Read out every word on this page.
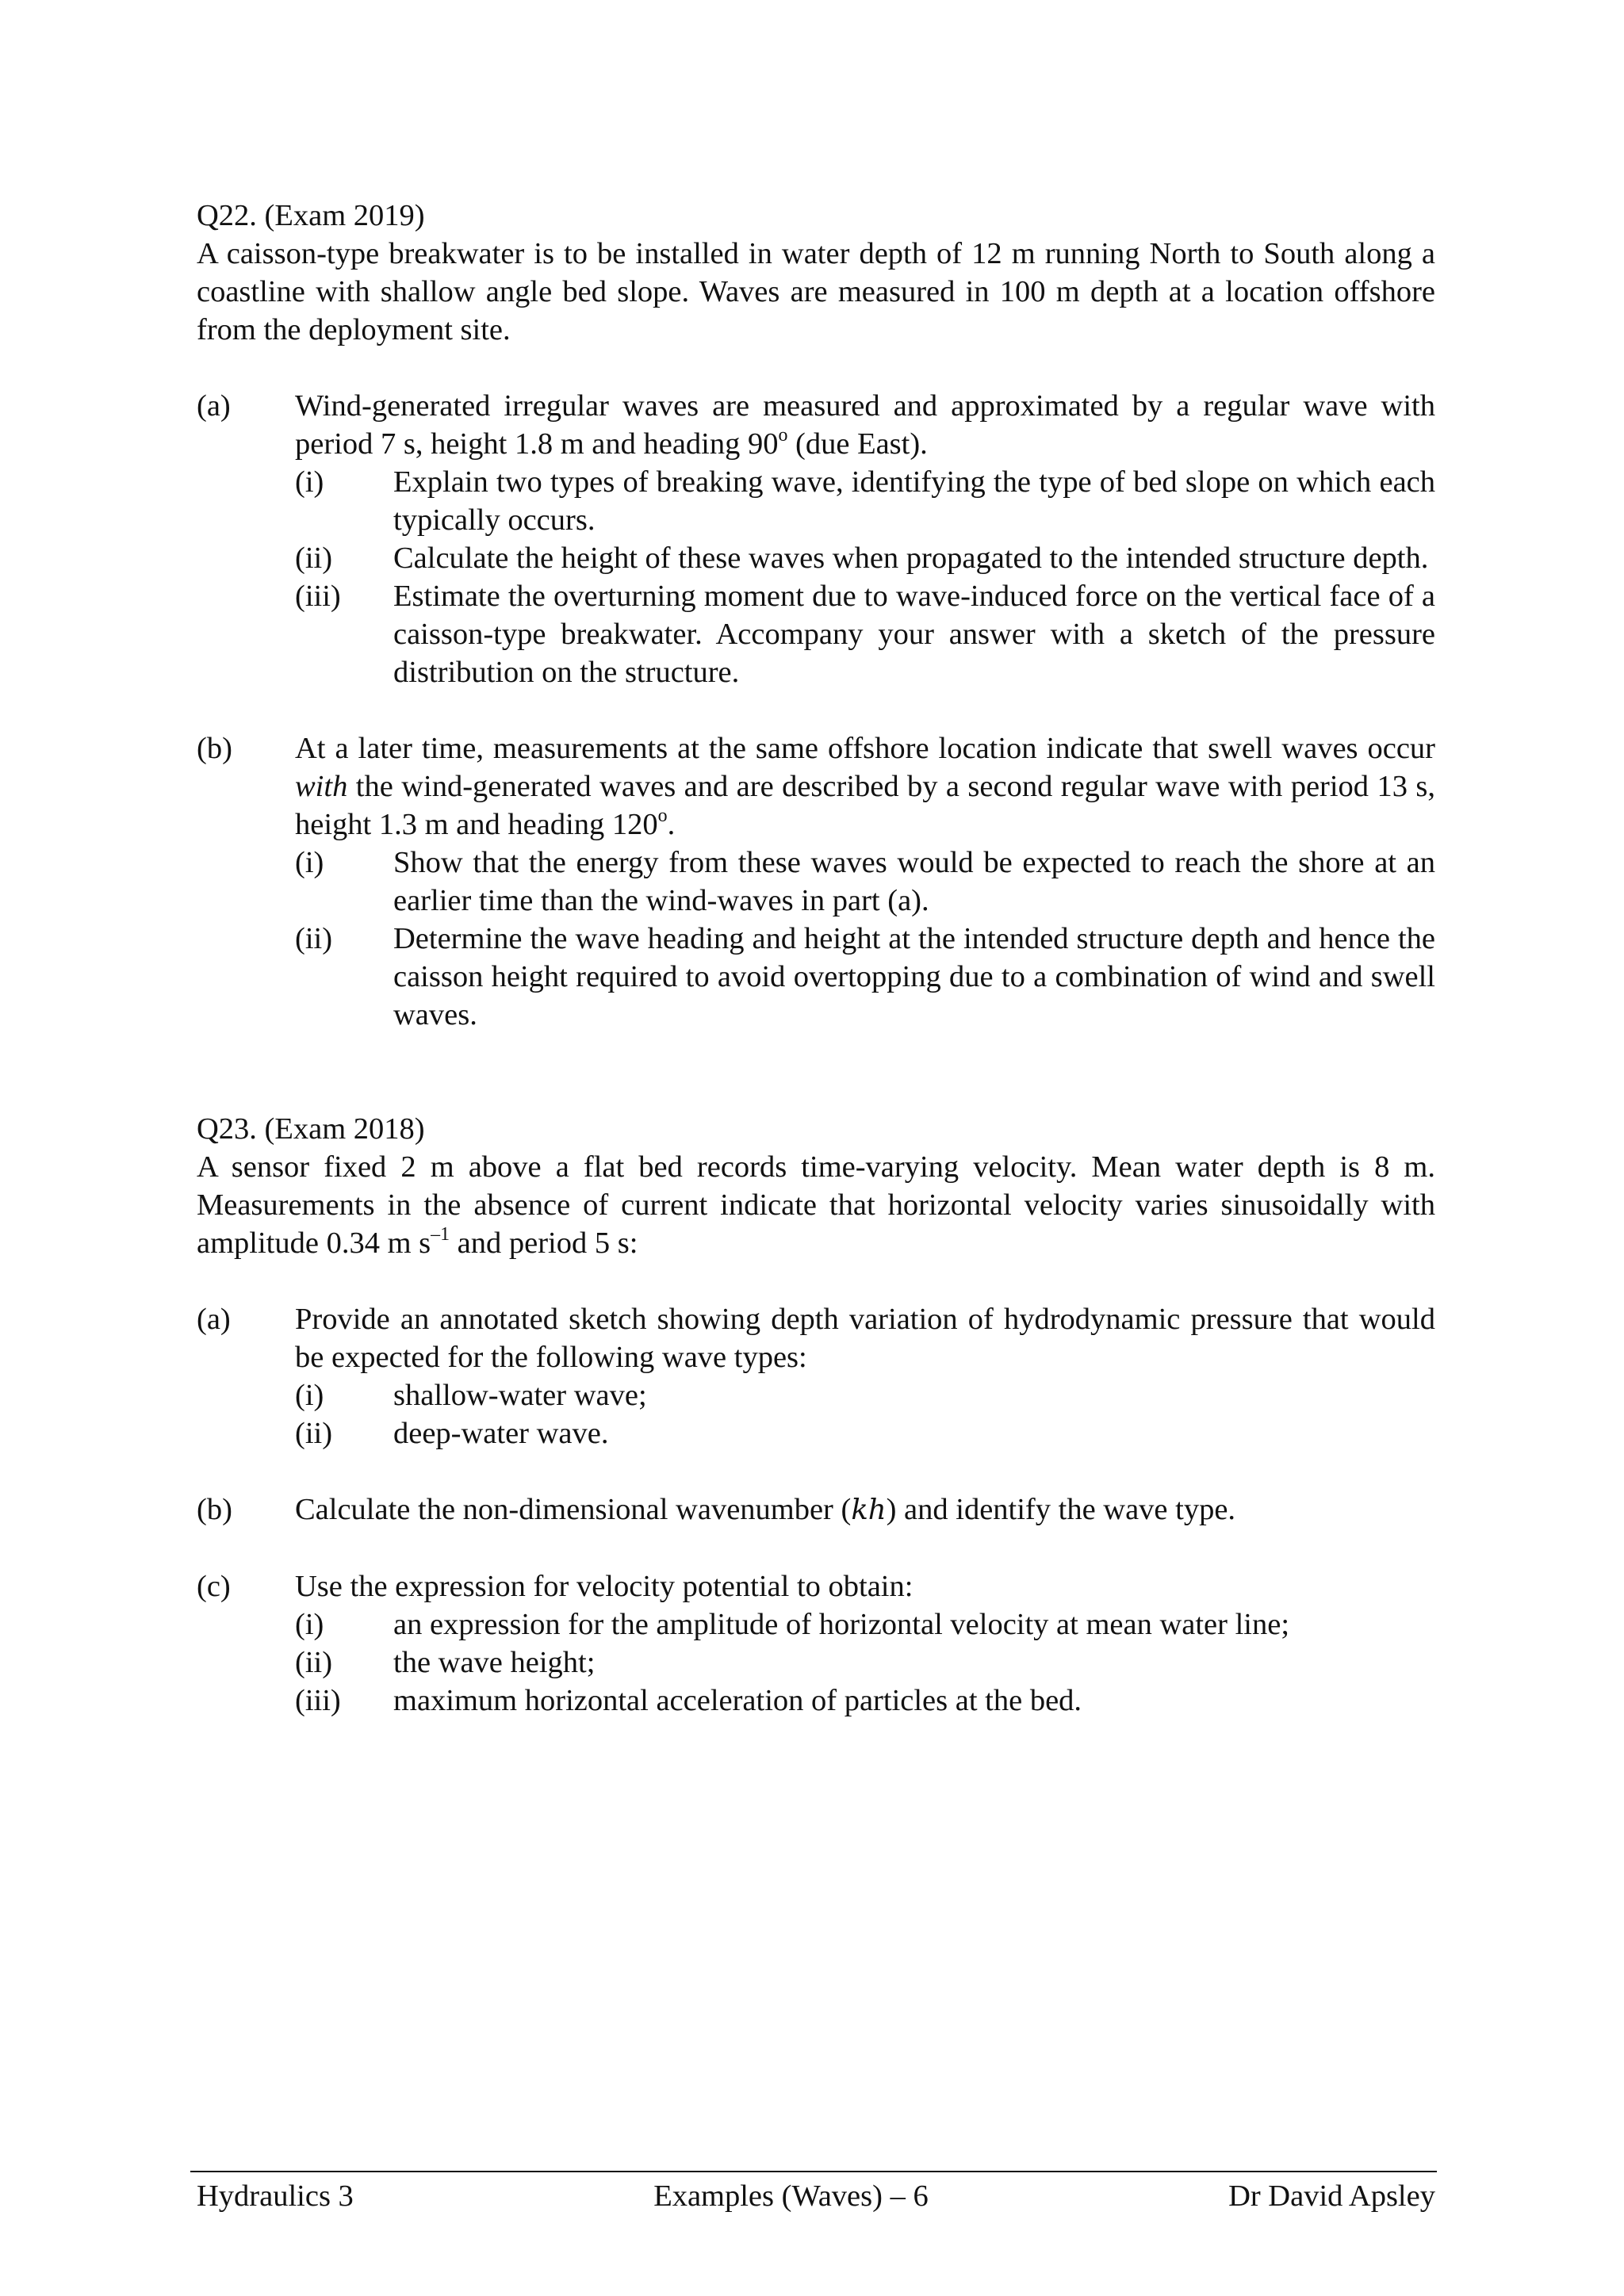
Q22. (Exam 2019)

A caisson-type breakwater is to be installed in water depth of 12 m running North to South along a coastline with shallow angle bed slope. Waves are measured in 100 m depth at a location offshore from the deployment site.

(a)	Wind-generated irregular waves are measured and approximated by a regular wave with period 7 s, height 1.8 m and heading 90$^o$ (due East).

(i)	Explain two types of breaking wave, identifying the type of bed slope on which each typically occurs.

(ii)	Calculate the height of these waves when propagated to the intended structure depth.

(iii)	Estimate the overturning moment due to wave-induced force on the vertical face of a caisson-type breakwater. Accompany your answer with a sketch of the pressure distribution on the structure.

(b)	At a later time, measurements at the same offshore location indicate that swell waves occur with the wind-generated waves and are described by a second regular wave with period 13 s, height 1.3 m and heading 120$^o$.

(i)	Show that the energy from these waves would be expected to reach the shore at an earlier time than the wind-waves in part (a).

(ii)	Determine the wave heading and height at the intended structure depth and hence the caisson height required to avoid overtopping due to a combination of wind and swell waves.

Q23. (Exam 2018)

A sensor fixed 2 m above a flat bed records time-varying velocity. Mean water depth is 8 m. Measurements in the absence of current indicate that horizontal velocity varies sinusoidally with amplitude 0.34 m $s^{-1}$ and period 5 s:

(a)	Provide an annotated sketch showing depth variation of hydrodynamic pressure that would be expected for the following wave types:

(i)	shallow-water wave;

(ii)	deep-water wave.

(b)	Calculate the non-dimensional wavenumber (kh) and identify the wave type.

(c)	Use the expression for velocity potential to obtain:

(i)	an expression for the amplitude of horizontal velocity at mean water line;

(ii)	the wave height;

(iii)	maximum horizontal acceleration of particles at the bed.

Hydraulics 3	Examples (Waves) – 6	Dr David Apsley
